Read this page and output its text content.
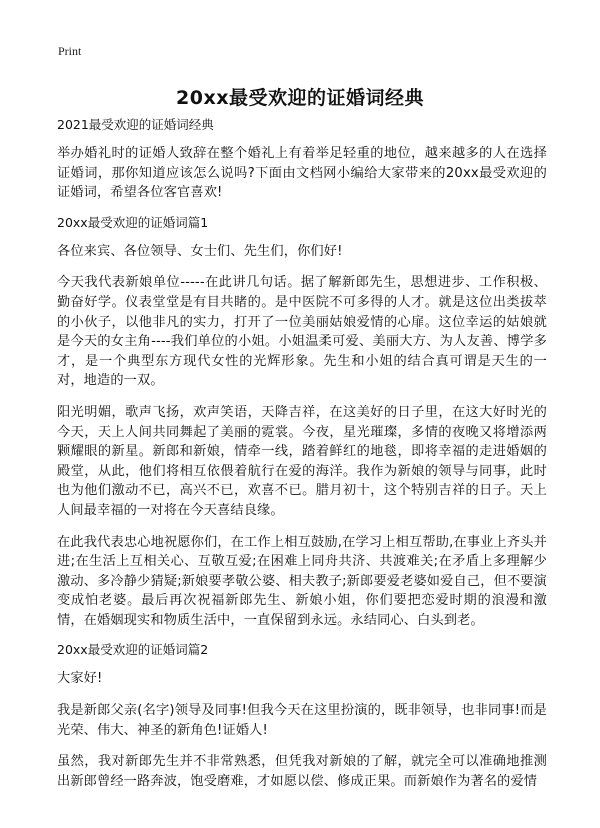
Print
20xx最受欢迎的证婚词经典

2021最受欢迎的证婚词经典

举办婚礼时的证婚人致辞在整个婚礼上有着举足轻重的地位，越来越多的人在选择证婚词，那你知道应该怎么说吗?下面由文档网小编给大家带来的20xx最受欢迎的证婚词，希望各位客官喜欢!

20xx最受欢迎的证婚词篇1

各位来宾、各位领导、女士们、先生们，你们好!

今天我代表新娘单位-----在此讲几句话。据了解新郎先生，思想进步、工作积极、勤奋好学。仪表堂堂是有目共睹的。是中医院不可多得的人才。就是这位出类拔萃的小伙子，以他非凡的实力，打开了一位美丽姑娘爱情的心扉。这位幸运的姑娘就是今天的女主角----我们单位的小姐。小姐温柔可爱、美丽大方、为人友善、博学多才，是一个典型东方现代女性的光辉形象。先生和小姐的结合真可谓是天生的一对，地造的一双。

阳光明媚，歌声飞扬，欢声笑语，天降吉祥，在这美好的日子里，在这大好时光的今天，天上人间共同舞起了美丽的霓裳。今夜，星光璀璨，多情的夜晚又将增添两颗耀眼的新星。新郎和新娘，情牵一线，踏着鲜红的地毯，即将幸福的走进婚姻的殿堂，从此，他们将相互依偎着航行在爱的海洋。我作为新娘的领导与同事，此时也为他们激动不已，高兴不已，欢喜不已。腊月初十，这个特别吉祥的日子。天上人间最幸福的一对将在今天喜结良缘。

在此我代表忠心地祝愿你们，在工作上相互鼓励,在学习上相互帮助,在事业上齐头并进;在生活上互相关心、互敬互爱;在困难上同舟共济、共渡难关;在矛盾上多理解少激动、多冷静少猜疑;新娘要孝敬公婆、相夫教子;新郎要爱老婆如爱自己，但不要演变成怕老婆。最后再次祝福新郎先生、新娘小姐，你们要把恋爱时期的浪漫和激情，在婚姻现实和物质生活中，一直保留到永远。永结同心、白头到老。

20xx最受欢迎的证婚词篇2

大家好!

我是新郎父亲(名字)领导及同事!但我今天在这里扮演的，既非领导，也非同事!而是光荣、伟大、神圣的新角色!证婚人!

虽然，我对新郎先生并不非常熟悉，但凭我对新娘的了解，就完全可以准确地推测出新郎曾经一路奔波，饱受磨难，才如愿以偿、修成正果。而新娘作为著名的爱情
